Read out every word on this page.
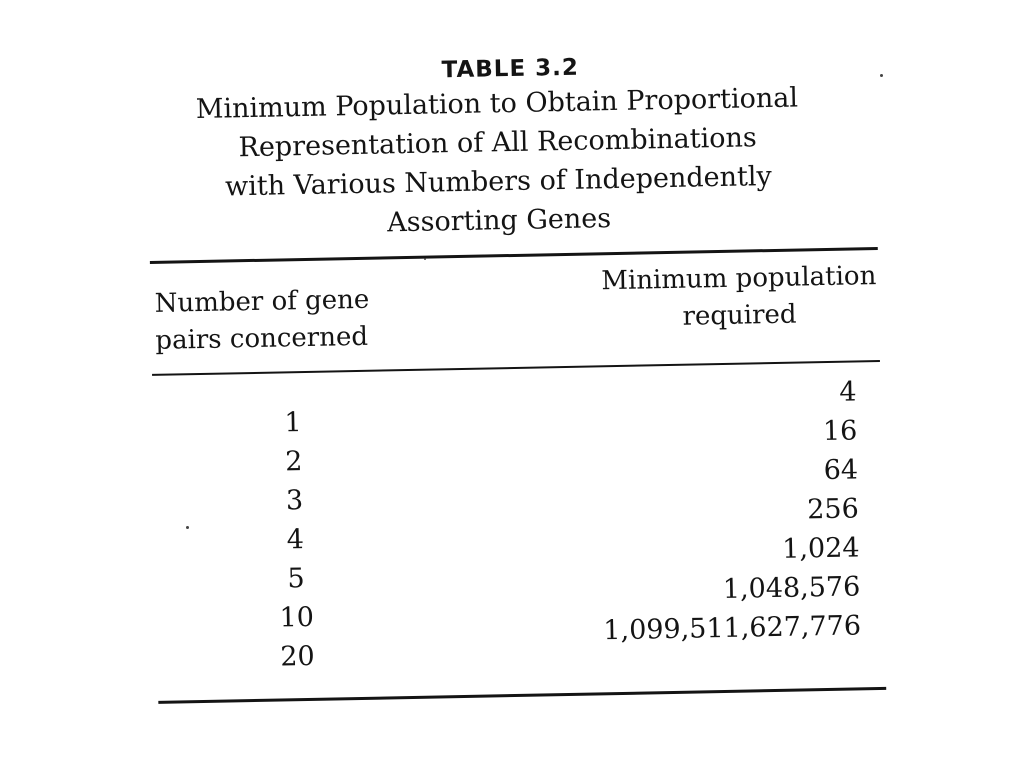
TABLE 3.2
Minimum Population to Obtain Proportional
Representation of All Recombinations
with Various Numbers of Independently
Assorting Genes
Number of gene
pairs concerned
Minimum population
required
1
2
3
4
5
10
20
4
16
64
256
1,024
1,048,576
1,099,511,627,776
